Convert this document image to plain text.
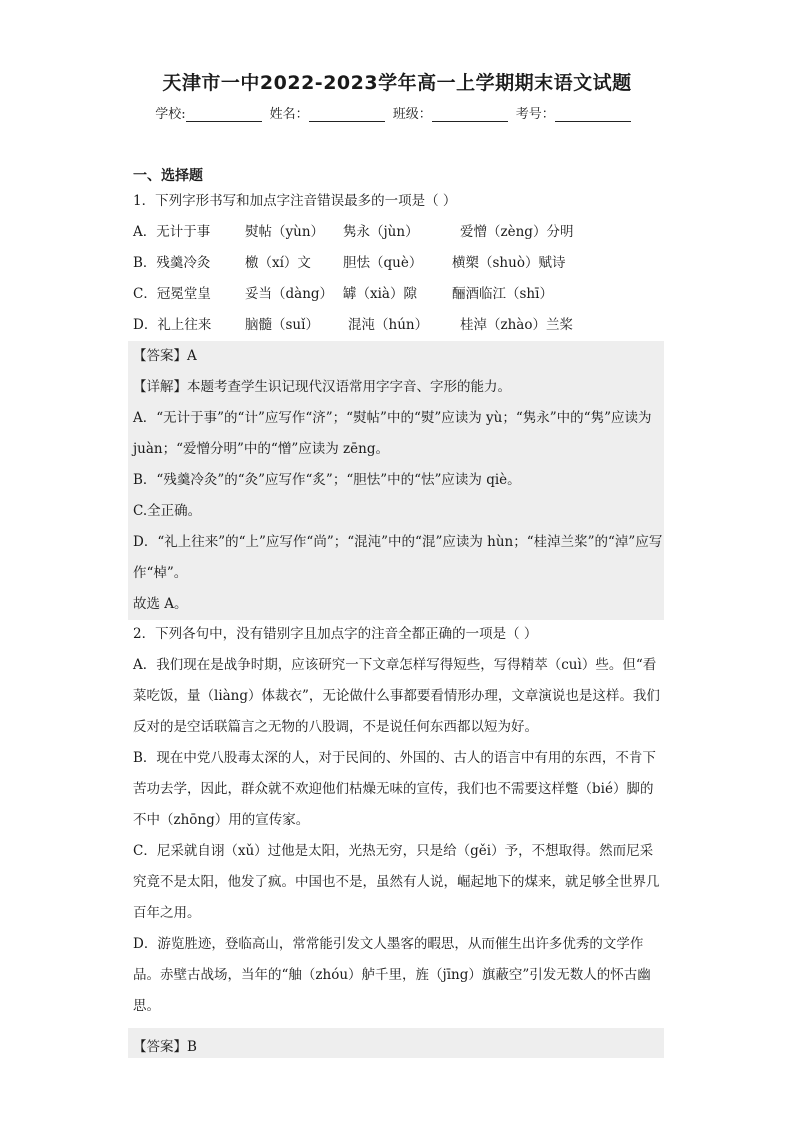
天津市一中2022-2023学年高一上学期期末语文试题
学校:	姓名：	班级：	考号：
一、选择题
1．下列字形书写和加点字注音错误最多的一项是（ ）
A．无计于事	熨帖（yùn） 隽永（jùn）	爱憎（zèng）分明
B．残羹冷灸	檄（xí）文 胆怯（què） 横槊（shuò）赋诗
C．冠冕堂皇	妥当（dàng） 罅（xià）隙	酾酒临江（shī）
D．礼上往来 脑髓（suǐ） 混沌（hún） 桂淖（zhào）兰桨
【答案】A
【详解】本题考查学生识记现代汉语常用字字音、字形的能力。
A．“无计于事”的“计”应写作“济”；“熨帖”中的“熨”应读为 yù；“隽永”中的“隽”应读为 juàn；“爱憎分明”中的“憎”应读为 zēng。
B．“残羹冷灸”的“灸”应写作“炙”；“胆怯”中的“怯”应读为 qiè。
C.全正确。
D．“礼上往来”的“上”应写作“尚”；“混沌”中的“混”应读为 hùn；“桂淖兰桨”的“淖”应写作“棹”。
故选 A。
2．下列各句中，没有错别字且加点字的注音全都正确的一项是（ ）
A．我们现在是战争时期，应该研究一下文章怎样写得短些，写得精萃（cuì）些。但“看菜吃饭，量（liàng）体裁衣”，无论做什么事都要看情形办理，文章演说也是这样。我们反对的是空话联篇言之无物的八股调，不是说任何东西都以短为好。
B．现在中党八股毒太深的人，对于民间的、外国的、古人的语言中有用的东西，不肯下苦功去学，因此，群众就不欢迎他们枯燥无味的宣传，我们也不需要这样蹩（bié）脚的不中（zhōng）用的宣传家。
C．尼采就自诩（xǔ）过他是太阳，光热无穷，只是给（gěi）予，不想取得。然而尼采究竟不是太阳，他发了疯。中国也不是，虽然有人说，崛起地下的煤来，就足够全世界几百年之用。
D．游览胜迹，登临高山，常常能引发文人墨客的暇思，从而催生出许多优秀的文学作品。赤壁古战场，当年的“舳（zhóu）舻千里，旌（jīng）旗蔽空”引发无数人的怀古幽思。
【答案】B
